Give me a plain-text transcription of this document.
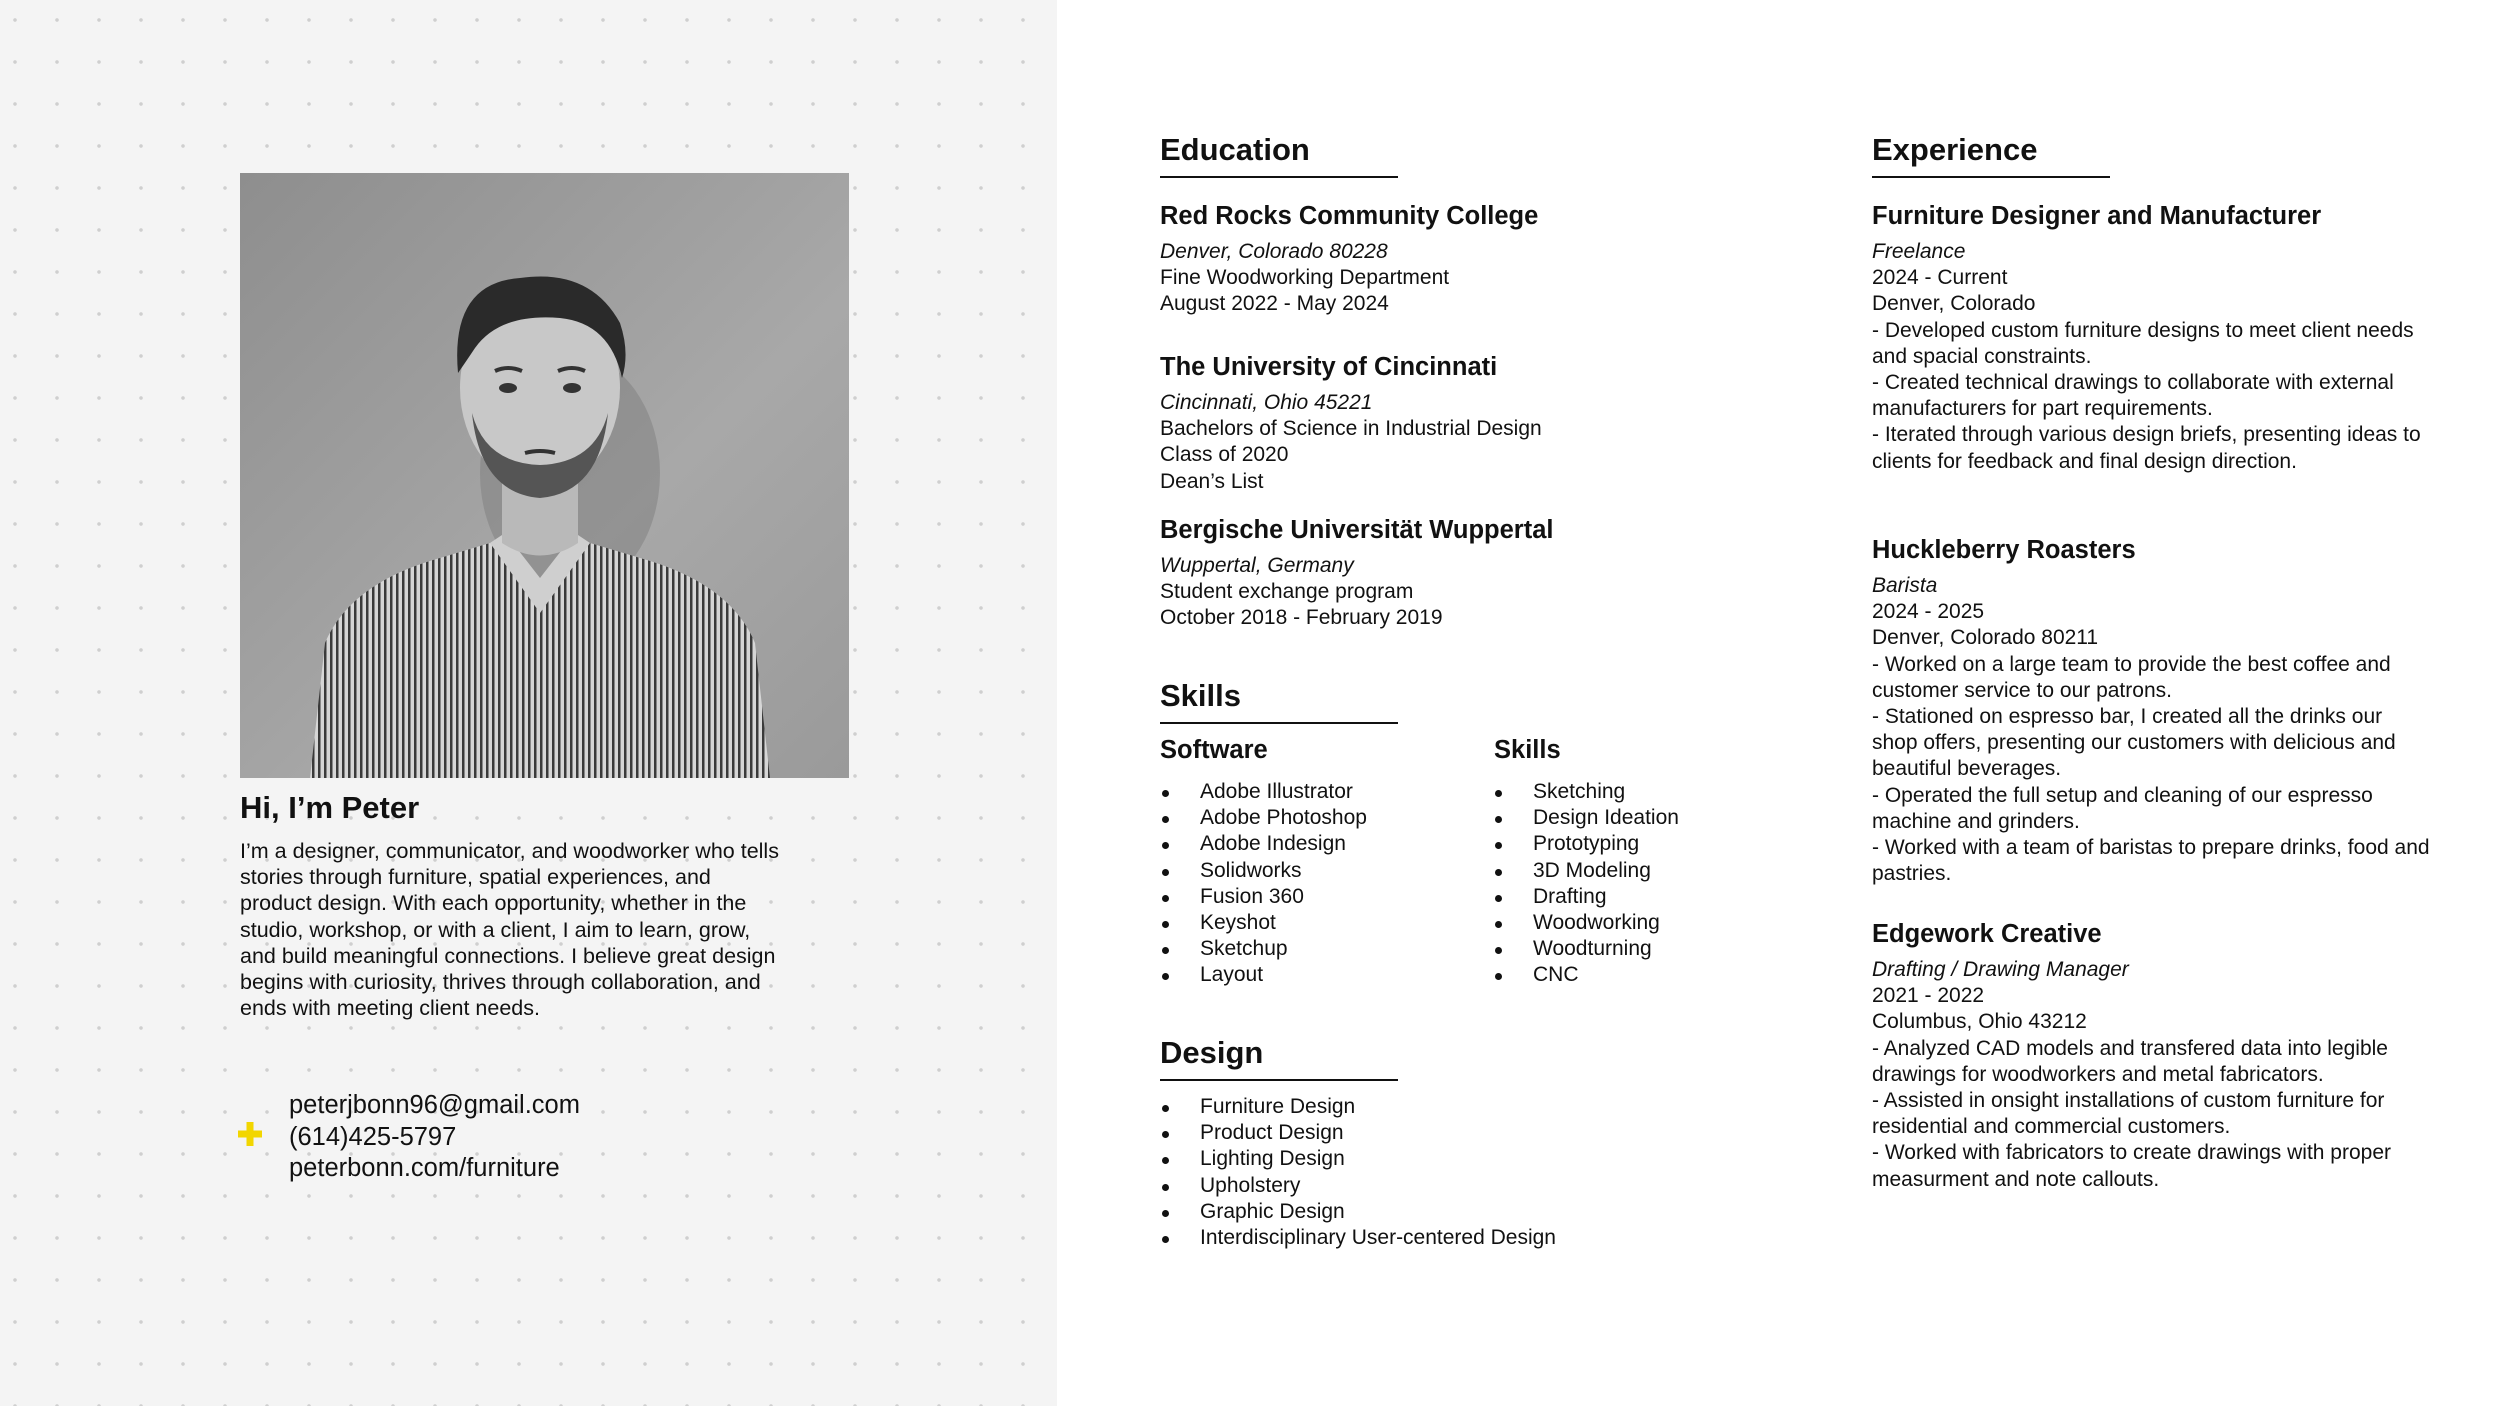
Hi, I’m Peter

I’m a designer, communicator, and woodworker who tells stories through furniture, spatial experiences, and product design. With each opportunity, whether in the studio, workshop, or with a client, I aim to learn, grow, and build meaningful connections. I believe great design begins with curiosity, thrives through collaboration, and ends with meeting client needs.

peterjbonn96@gmail.com
(614)425-5797
peterbonn.com/furniture
Education
Red Rocks Community College
Denver, Colorado 80228
Fine Woodworking Department
August 2022 - May 2024
The University of Cincinnati
Cincinnati, Ohio 45221
Bachelors of Science in Industrial Design
Class of 2020
Dean’s List
Bergische Universität Wuppertal
Wuppertal, Germany
Student exchange program
October 2018 - February 2019
Skills
Software	Skills
Adobe Illustrator
Adobe Photoshop
Adobe Indesign
Solidworks
Fusion 360
Keyshot
Sketchup
Layout
Sketching
Design Ideation
Prototyping
3D Modeling
Drafting
Woodworking
Woodturning
CNC
Design
Furniture Design
Product Design
Lighting Design
Upholstery
Graphic Design
Interdisciplinary User-centered Design
Experience
Furniture Designer and Manufacturer
Freelance
2024 - Current
Denver, Colorado
- Developed custom furniture designs to meet client needs and spacial constraints.
- Created technical drawings to collaborate with external manufacturers for part requirements.
- Iterated through various design briefs, presenting ideas to clients for feedback and final design direction.
Huckleberry Roasters
Barista
2024 - 2025
Denver, Colorado 80211
- Worked on a large team to provide the best coffee and customer service to our patrons.
- Stationed on espresso bar, I created all the drinks our shop offers, presenting our customers with delicious and beautiful beverages.
- Operated the full setup and cleaning of our espresso machine and grinders.
- Worked with a team of baristas to prepare drinks, food and pastries.
Edgework Creative
Drafting / Drawing Manager
2021 - 2022
Columbus, Ohio 43212
- Analyzed CAD models and transfered data into legible drawings for woodworkers and metal fabricators.
- Assisted in onsight installations of custom furniture for residential and commercial customers.
- Worked with fabricators to create drawings with proper measurment and note callouts.
